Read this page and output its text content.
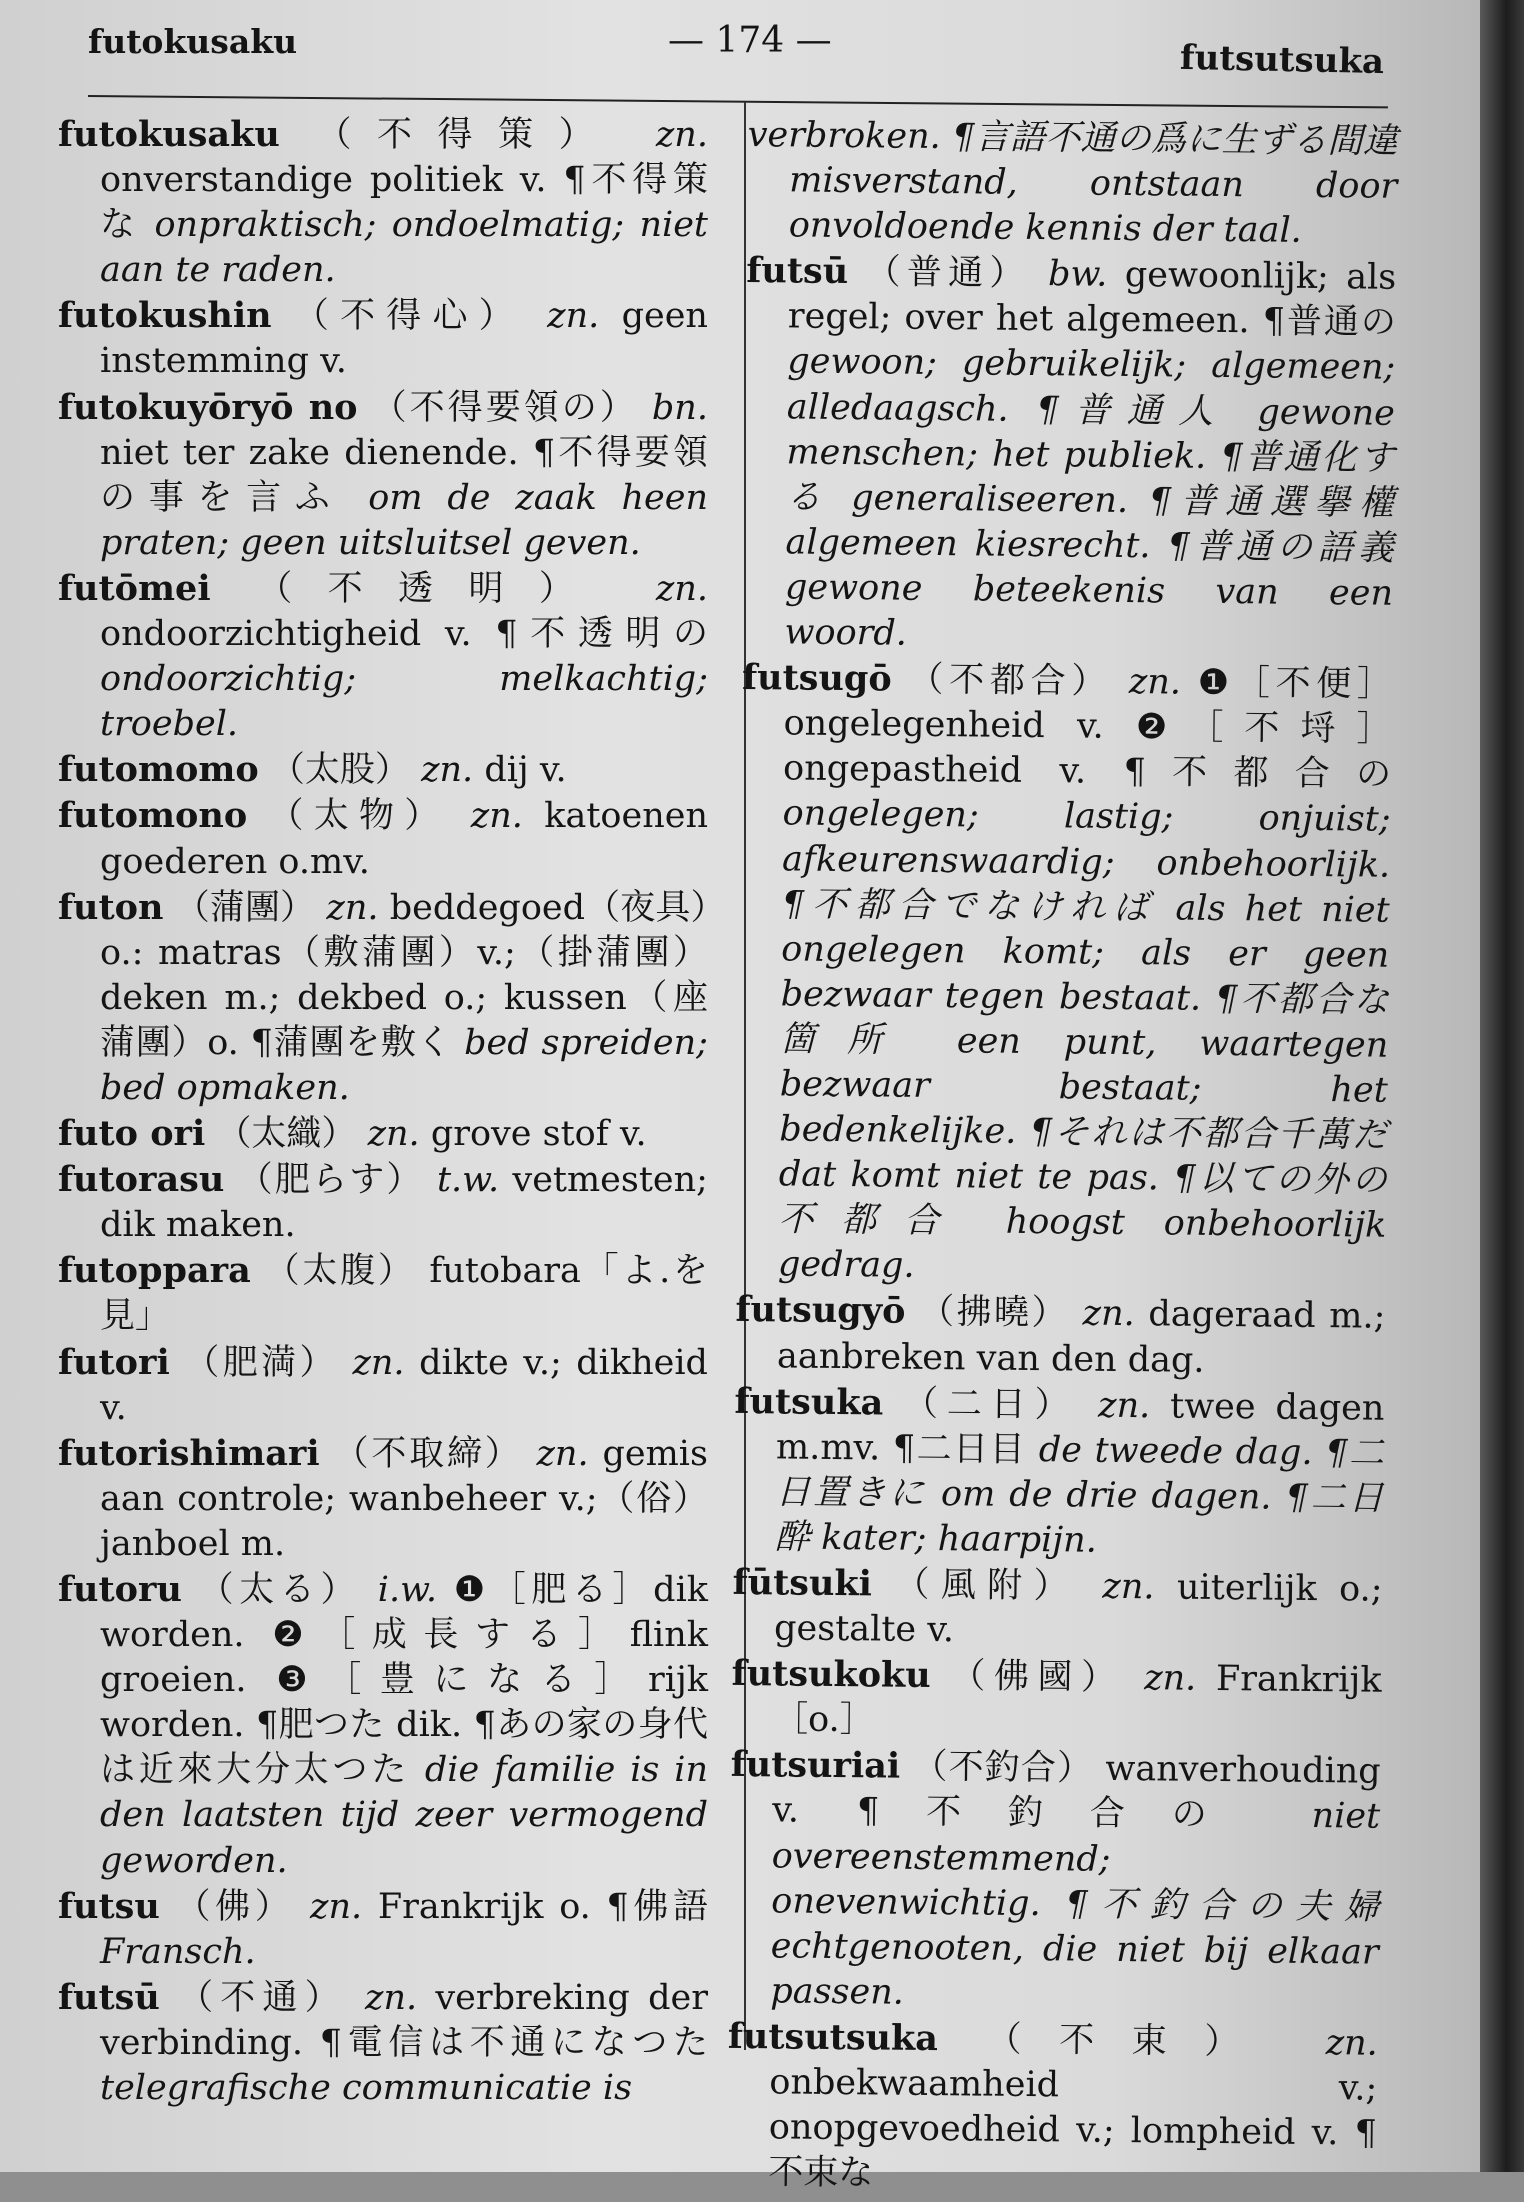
futokusaku	— 174 —	futsutsuka

futokusaku （不得策） zn. onverstandige politiek v. ¶不得策な onpraktisch; ondoelmatig; niet aan te raden.

futokushin （不得心） zn. geen instemming v.

futokuyōryō no （不得要領の） bn. niet ter zake dienende. ¶不得要領の事を言ふ om de zaak heen praten; geen uitsluitsel geven.

futōmei （不透明） zn. ondoorzichtigheid v. ¶不透明の ondoorzichtig; melkachtig; troebel.

futomomo （太股） zn. dij v.

futomono （太物） zn. katoenen goederen o.mv.

futon （蒲團） zn. beddegoed（夜具）o.: matras（敷蒲團）v.;（掛蒲團）deken m.; dekbed o.; kussen（座蒲團）o. ¶蒲團を敷く bed spreiden; bed opmaken.

futo ori （太織） zn. grove stof v.

futorasu （肥らす） t.w. vetmesten; dik maken.

futoppara （太腹） futobara「よ.を見」

futori （肥満） zn. dikte v.; dikheid v.

futorishimari （不取締） zn. gemis aan controle; wanbeheer v.;（俗）janboel m.

futoru （太る） i.w. ❶［肥る］dik worden. ❷［成長する］flink groeien. ❸［豊になる］rijk worden. ¶肥つた dik. ¶あの家の身代は近來大分太つた die familie is in den laatsten tijd zeer vermogend geworden.

futsu （佛） zn. Frankrijk o. ¶佛語 Fransch.

futsū （不通） zn. verbreking der verbinding. ¶電信は不通になつた telegrafische communicatie is

verbroken. ¶言語不通の爲に生ずる間違 misverstand, ontstaan door onvoldoende kennis der taal.

futsū （普通） bw. gewoonlijk; als regel; over het algemeen. ¶普通の gewoon; gebruikelijk; algemeen; alledaagsch. ¶普通人 gewone menschen; het publiek. ¶普通化する generaliseeren. ¶普通選擧權 algemeen kiesrecht. ¶普通の語義 gewone beteekenis van een woord.

futsugō （不都合） zn. ❶［不便］ongelegenheid v. ❷［不埒］ongepastheid v. ¶不都合の ongelegen; lastig; onjuist; afkeurenswaardig; onbehoorlijk. ¶不都合でなければ als het niet ongelegen komt; als er geen bezwaar tegen bestaat. ¶不都合な箇所 een punt, waartegen bezwaar bestaat; het bedenkelijke. ¶それは不都合千萬だ dat komt niet te pas. ¶以ての外の不都合 hoogst onbehoorlijk gedrag.

futsugyō （拂曉） zn. dageraad m.; aanbreken van den dag.

futsuka （二日） zn. twee dagen m.mv. ¶二日目 de tweede dag. ¶二日置きに om de drie dagen. ¶二日酔 kater; haarpijn.

fūtsuki （風附） zn. uiterlijk o.; gestalte v.

futsukoku （佛國） zn. Frankrijk［o.］

futsuriai （不釣合） wanverhouding v. ¶不釣合の niet overeenstemmend; onevenwichtig. ¶不釣合の夫婦 echtgenooten, die niet bij elkaar passen.

futsutsuka （不束） zn. onbekwaamheid v.; onopgevoedheid v.; lompheid v. ¶不束な
